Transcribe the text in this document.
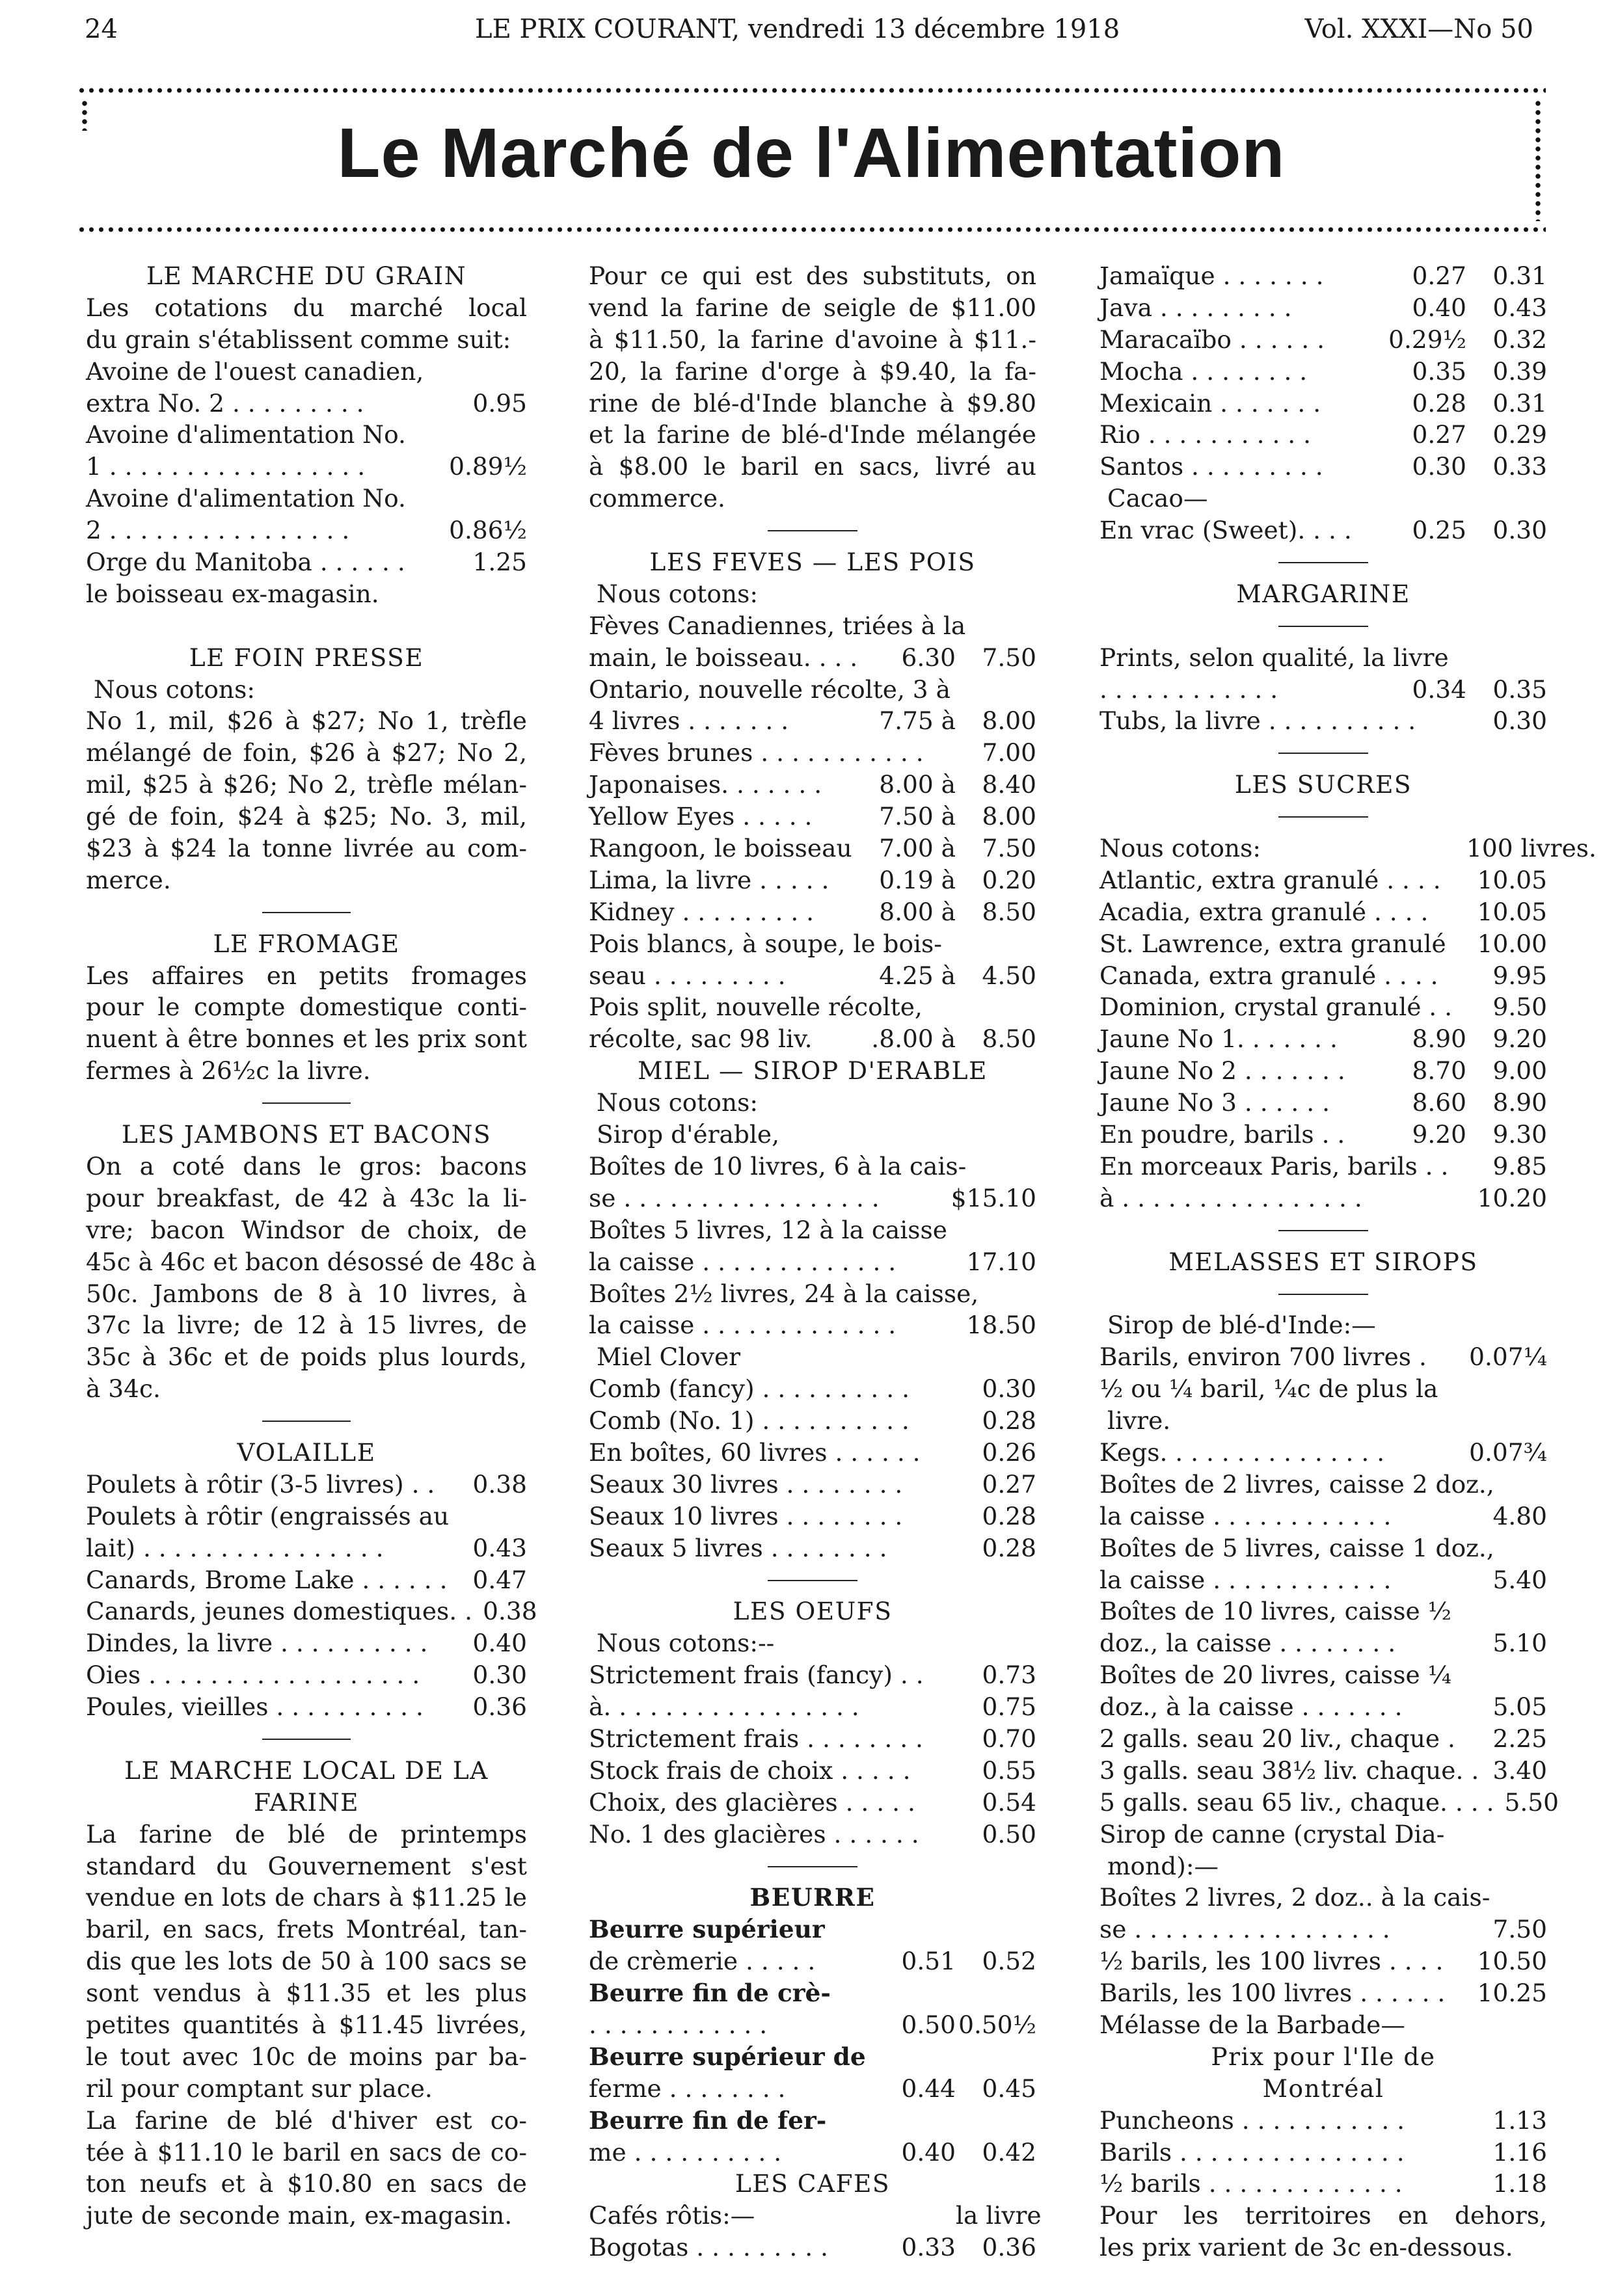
24	LE PRIX COURANT, vendredi 13 décembre 1918	Vol. XXXI—No 50
Le Marché de l'Alimentation
LE MARCHE DU GRAIN
Les cotations du marché local
du grain s'établissent comme suit:
Avoine de l'ouest canadien,
extra No. 2 . . . . . . . . .	0.95
Avoine d'alimentation No.
1 . . . . . . . . . . . . . . . . .	0.89½
Avoine d'alimentation No.
2 . . . . . . . . . . . . . . . .	0.86½
Orge du Manitoba . . . . . .	1.25
le boisseau ex-magasin.
LE FOIN PRESSE
Nous cotons:
No 1, mil, $26 à $27; No 1, trèfle
mélangé de foin, $26 à $27; No 2,
mil, $25 à $26; No 2, trèfle mélan-
gé de foin, $24 à $25; No. 3, mil,
$23 à $24 la tonne livrée au com-
merce.
LE FROMAGE
Les affaires en petits fromages
pour le compte domestique conti-
nuent à être bonnes et les prix sont
fermes à 26½c la livre.
LES JAMBONS ET BACONS
On a coté dans le gros: bacons
pour breakfast, de 42 à 43c la li-
vre; bacon Windsor de choix, de
45c à 46c et bacon désossé de 48c à
50c. Jambons de 8 à 10 livres, à
37c la livre; de 12 à 15 livres, de
35c à 36c et de poids plus lourds,
à 34c.
VOLAILLE
Poulets à rôtir (3-5 livres) . .	0.38
Poulets à rôtir (engraissés au
lait) . . . . . . . . . . . . . . . .	0.43
Canards, Brome Lake . . . . . .	0.47
Canards, jeunes domestiques. . 0.38
Dindes, la livre . . . . . . . . . .	0.40
Oies . . . . . . . . . . . . . . . . . .	0.30
Poules, vieilles . . . . . . . . . .	0.36
LE MARCHE LOCAL DE LA
FARINE
La farine de blé de printemps
standard du Gouvernement s'est
vendue en lots de chars à $11.25 le
baril, en sacs, frets Montréal, tan-
dis que les lots de 50 à 100 sacs se
sont vendus à $11.35 et les plus
petites quantités à $11.45 livrées,
le tout avec 10c de moins par ba-
ril pour comptant sur place.
La farine de blé d'hiver est co-
tée à $11.10 le baril en sacs de co-
ton neufs et à $10.80 en sacs de
jute de seconde main, ex-magasin.
Pour ce qui est des substituts, on
vend la farine de seigle de $11.00
à $11.50, la farine d'avoine à $11.-
20, la farine d'orge à $9.40, la fa-
rine de blé-d'Inde blanche à $9.80
et la farine de blé-d'Inde mélangée
à $8.00 le baril en sacs, livré au
commerce.
LES FEVES — LES POIS
Nous cotons:
Fèves Canadiennes, triées à la
main, le boisseau. . . .	6.30	7.50
Ontario, nouvelle récolte, 3 à
4 livres . . . . . . .	7.75 à	8.00
Fèves brunes . . . . . . . . . . .	7.00
Japonaises. . . . . . .	8.00 à	8.40
Yellow Eyes . . . . .	7.50 à	8.00
Rangoon, le boisseau	7.00 à	7.50
Lima, la livre . . . . .	0.19 à	0.20
Kidney . . . . . . . . .	8.00 à	8.50
Pois blancs, à soupe, le bois-
seau . . . . . . . . .	4.25 à	4.50
Pois split, nouvelle récolte,
récolte, sac 98 liv.	.8.00 à	8.50
MIEL — SIROP D'ERABLE
Nous cotons:
Sirop d'érable,
Boîtes de 10 livres, 6 à la cais-
se . . . . . . . . . . . . . . . . .	$15.10
Boîtes 5 livres, 12 à la caisse
la caisse . . . . . . . . . . . . .	17.10
Boîtes 2½ livres, 24 à la caisse,
la caisse . . . . . . . . . . . . .	18.50
Miel Clover
Comb (fancy) . . . . . . . . . .	0.30
Comb (No. 1) . . . . . . . . . .	0.28
En boîtes, 60 livres . . . . . .	0.26
Seaux 30 livres . . . . . . . .	0.27
Seaux 10 livres . . . . . . . .	0.28
Seaux 5 livres . . . . . . . .	0.28
LES OEUFS
Nous cotons:--
Strictement frais (fancy) . .	0.73
à. . . . . . . . . . . . . . . . .	0.75
Strictement frais . . . . . . . .	0.70
Stock frais de choix . . . . .	0.55
Choix, des glacières . . . . .	0.54
No. 1 des glacières . . . . . .	0.50
BEURRE
Beurre supérieur
de crèmerie . . . . .	0.51	0.52
Beurre fin de crè-
. . . . . . . . . . . .	0.50 0.50½
Beurre supérieur de
ferme . . . . . . . .	0.44	0.45
Beurre fin de fer-
me . . . . . . . . . .	0.40	0.42
LES CAFES
Cafés rôtis:—	la livre
Bogotas . . . . . . . . .	0.33	0.36
Jamaïque . . . . . . .	0.27	0.31
Java . . . . . . . . .	0.40	0.43
Maracaïbo . . . . . .	0.29½	0.32
Mocha . . . . . . . .	0.35	0.39
Mexicain . . . . . . .	0.28	0.31
Rio . . . . . . . . . . .	0.27	0.29
Santos . . . . . . . . .	0.30	0.33
Cacao—
En vrac (Sweet). . . .	0.25	0.30
MARGARINE
Prints, selon qualité, la livre
. . . . . . . . . . . .	0.34	0.35
Tubs, la livre . . . . . . . . . .	0.30
LES SUCRES
Nous cotons:	100 livres.
Atlantic, extra granulé . . . .	10.05
Acadia, extra granulé . . . .	10.05
St. Lawrence, extra granulé	10.00
Canada, extra granulé . . . .	9.95
Dominion, crystal granulé . .	9.50
Jaune No 1. . . . . . .	8.90	9.20
Jaune No 2 . . . . . . .	8.70	9.00
Jaune No 3 . . . . . .	8.60	8.90
En poudre, barils . .	9.20	9.30
En morceaux Paris, barils . .	9.85
à . . . . . . . . . . . . . . . .	10.20
MELASSES ET SIROPS
Sirop de blé-d'Inde:—
Barils, environ 700 livres .	0.07¼
½ ou ¼ baril, ¼c de plus la
livre.
Kegs. . . . . . . . . . . . . . .	0.07¾
Boîtes de 2 livres, caisse 2 doz.,
la caisse . . . . . . . . . . . .	4.80
Boîtes de 5 livres, caisse 1 doz.,
la caisse . . . . . . . . . . . .	5.40
Boîtes de 10 livres, caisse ½
doz., la caisse . . . . . . . .	5.10
Boîtes de 20 livres, caisse ¼
doz., à la caisse . . . . . . .	5.05
2 galls. seau 20 liv., chaque .	2.25
3 galls. seau 38½ liv. chaque. . 3.40
5 galls. seau 65 liv., chaque. . . . 5.50
Sirop de canne (crystal Dia-
mond):—
Boîtes 2 livres, 2 doz.. à la cais-
se . . . . . . . . . . . . . . . . .	7.50
½ barils, les 100 livres . . . .	10.50
Barils, les 100 livres . . . . . .	10.25
Mélasse de la Barbade—
Prix pour l'Ile de
Montréal
Puncheons . . . . . . . . . . .	1.13
Barils . . . . . . . . . . . . . . .	1.16
½ barils . . . . . . . . . . . . .	1.18
Pour les territoires en dehors,
les prix varient de 3c en-dessous.
